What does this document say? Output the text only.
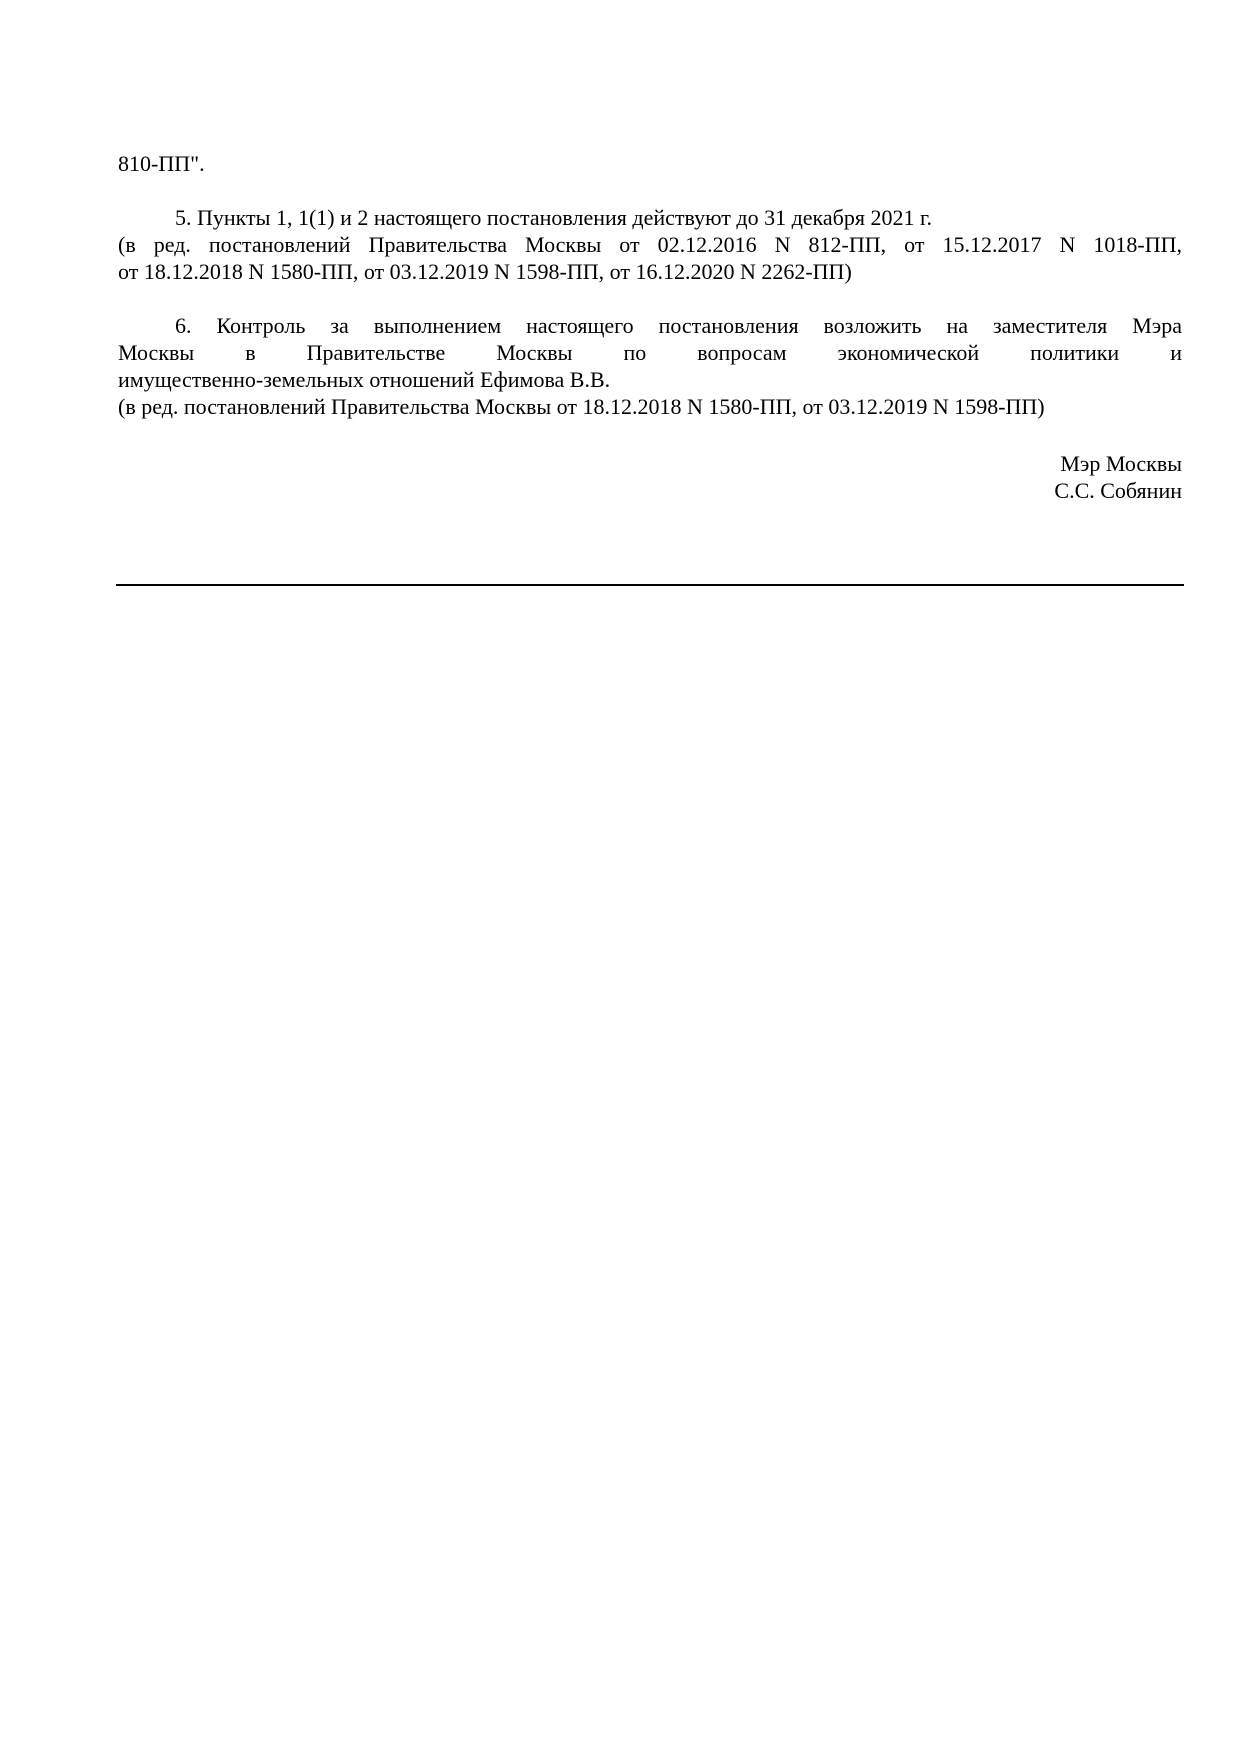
810-ПП".

5. Пункты 1, 1(1) и 2 настоящего постановления действуют до 31 декабря 2021 г.

(в ред. постановлений Правительства Москвы от 02.12.2016 N 812-ПП, от 15.12.2017 N 1018-ПП,

от 18.12.2018 N 1580-ПП, от 03.12.2019 N 1598-ПП, от 16.12.2020 N 2262-ПП)

6. Контроль за выполнением настоящего постановления возложить на заместителя Мэра

Москвы в Правительстве Москвы по вопросам экономической политики и

имущественно-земельных отношений Ефимова В.В.

(в ред. постановлений Правительства Москвы от 18.12.2018 N 1580-ПП, от 03.12.2019 N 1598-ПП)

Мэр Москвы

С.С. Собянин
